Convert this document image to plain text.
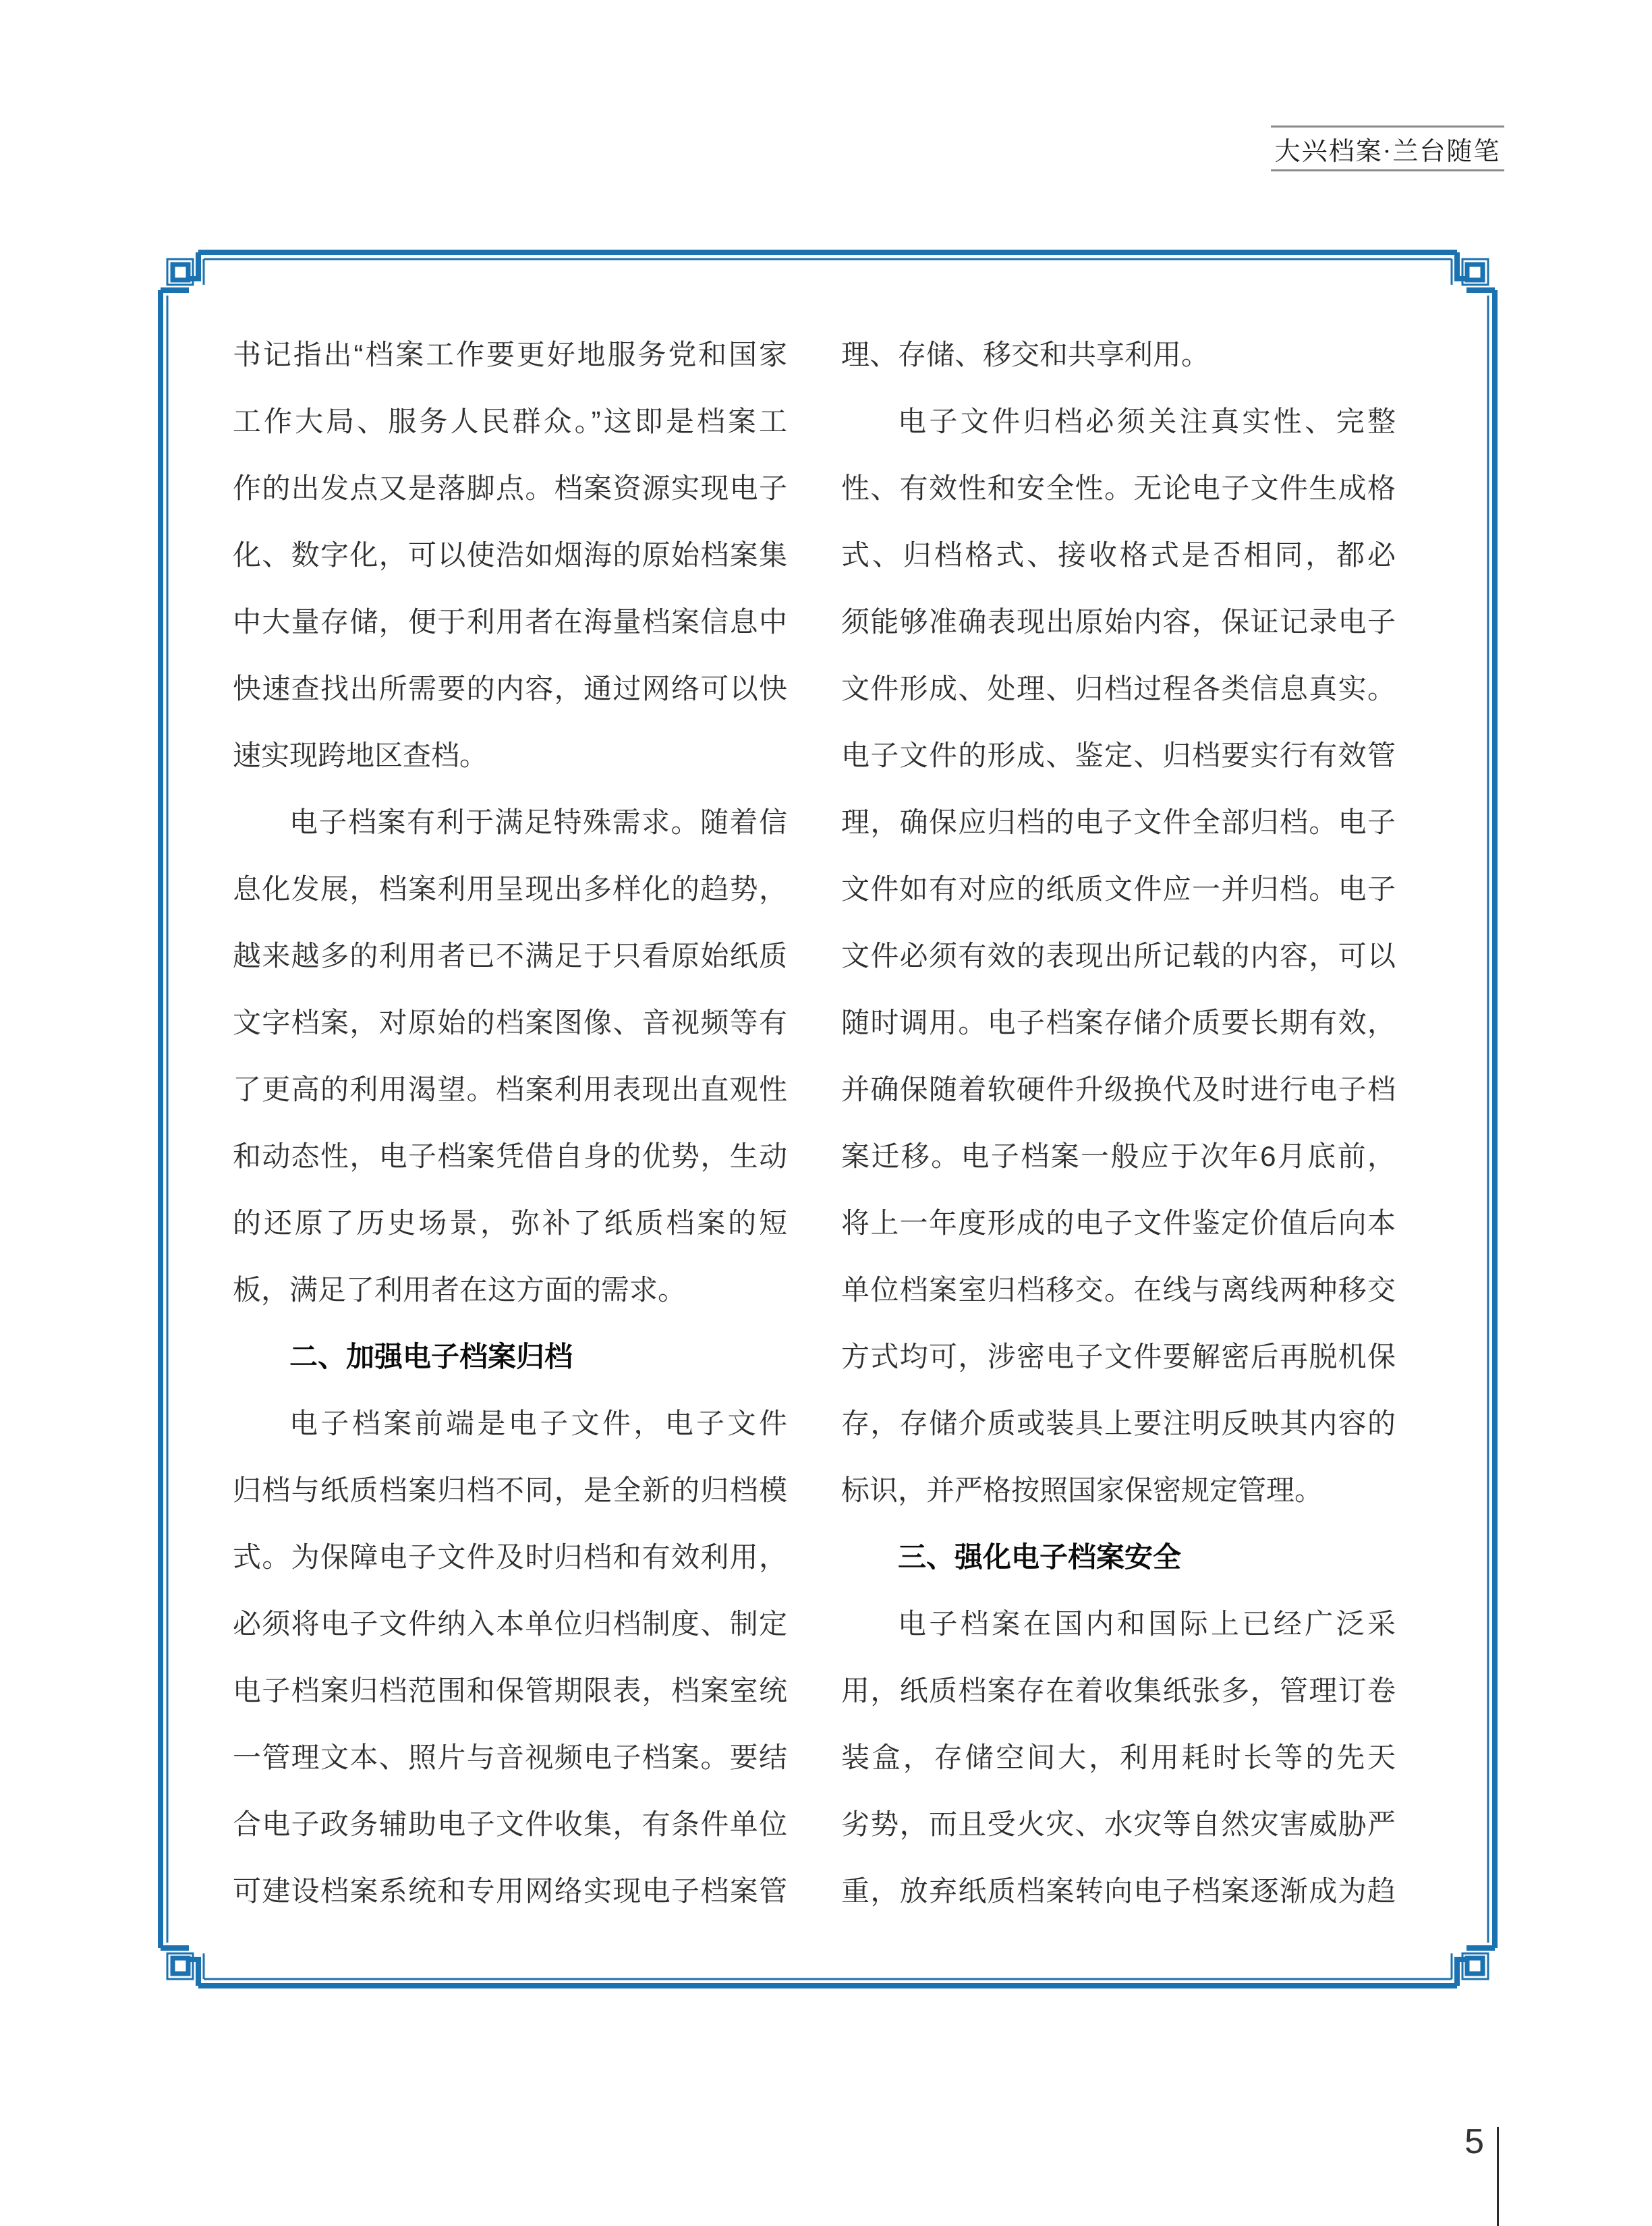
大兴档案·兰台随笔
书记指出“档案工作要更好地服务党和国家
工作大局、服务人民群众。”这即是档案工
作的出发点又是落脚点。档案资源实现电子
化、数字化，可以使浩如烟海的原始档案集
中大量存储，便于利用者在海量档案信息中
快速查找出所需要的内容，通过网络可以快
速实现跨地区查档。
电子档案有利于满足特殊需求。随着信
息化发展，档案利用呈现出多样化的趋势，
越来越多的利用者已不满足于只看原始纸质
文字档案，对原始的档案图像、音视频等有
了更高的利用渴望。档案利用表现出直观性
和动态性，电子档案凭借自身的优势，生动
的还原了历史场景，弥补了纸质档案的短
板，满足了利用者在这方面的需求。
二、加强电子档案归档
电子档案前端是电子文件，电子文件
归档与纸质档案归档不同，是全新的归档模
式。为保障电子文件及时归档和有效利用，
必须将电子文件纳入本单位归档制度、制定
电子档案归档范围和保管期限表，档案室统
一管理文本、照片与音视频电子档案。要结
合电子政务辅助电子文件收集，有条件单位
可建设档案系统和专用网络实现电子档案管
理、存储、移交和共享利用。
电子文件归档必须关注真实性、完整
性、有效性和安全性。无论电子文件生成格
式、归档格式、接收格式是否相同，都必
须能够准确表现出原始内容，保证记录电子
文件形成、处理、归档过程各类信息真实。
电子文件的形成、鉴定、归档要实行有效管
理，确保应归档的电子文件全部归档。电子
文件如有对应的纸质文件应一并归档。电子
文件必须有效的表现出所记载的内容，可以
随时调用。电子档案存储介质要长期有效，
并确保随着软硬件升级换代及时进行电子档
案迁移。电子档案一般应于次年6月底前，
将上一年度形成的电子文件鉴定价值后向本
单位档案室归档移交。在线与离线两种移交
方式均可，涉密电子文件要解密后再脱机保
存，存储介质或装具上要注明反映其内容的
标识，并严格按照国家保密规定管理。
三、强化电子档案安全
电子档案在国内和国际上已经广泛采
用，纸质档案存在着收集纸张多，管理订卷
装盒，存储空间大，利用耗时长等的先天
劣势，而且受火灾、水灾等自然灾害威胁严
重，放弃纸质档案转向电子档案逐渐成为趋
5
